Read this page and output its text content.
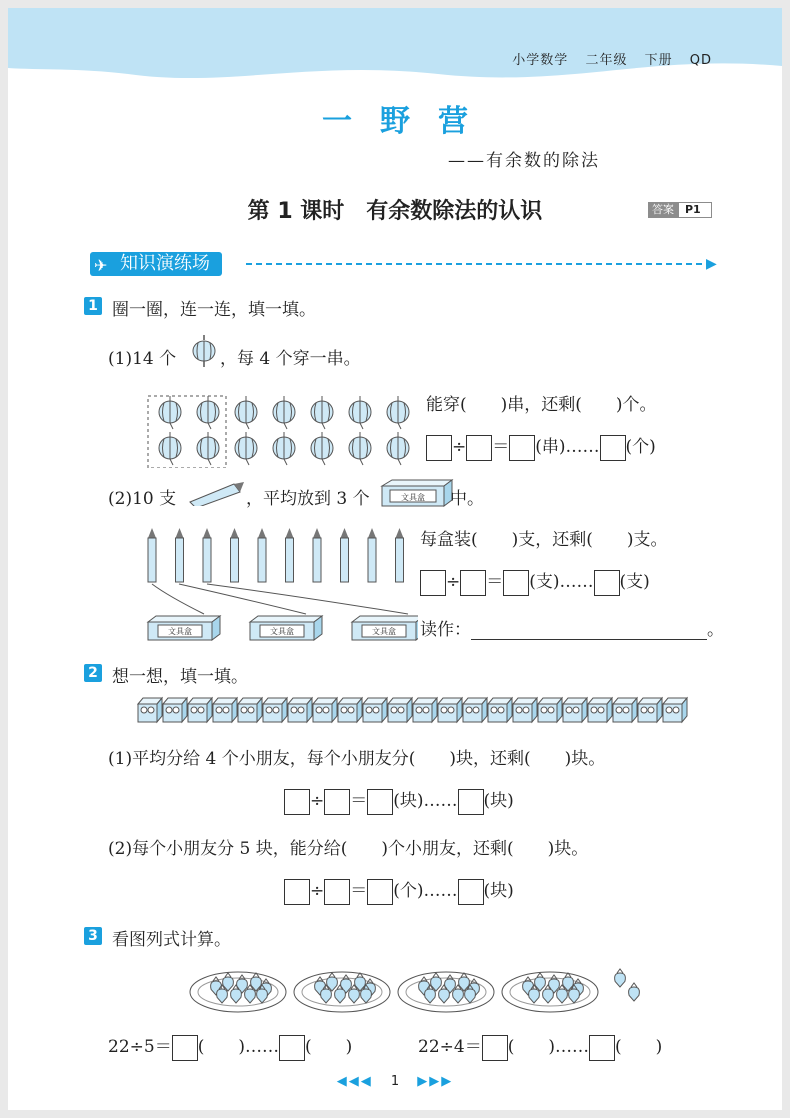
小学数学 二年级 下册 QD
一野营
——有余数的除法
第 1 课时　有余数除法的认识	答案	P1
✈ 知识演练场	▶
1 圈一圈，连一连，填一填。
(1)14 个	，每 4 个穿一串。
能穿(　　)串，还剩(　　)个。
÷ ＝ (串)…… (个)
(2)10 支	，平均放到 3 个	文具盒 中。
文具盒	文具盒	文具盒
每盒装(　　)支，还剩(　　)支。
÷ ＝ (支)…… (支)
读作：	。
2 想一想，填一填。
(1)平均分给 4 个小朋友，每个小朋友分(　　)块，还剩(　　)块。
÷ ＝ (块)…… (块)
(2)每个小朋友分 5 块，能分给(　　)个小朋友，还剩(　　)块。
÷ ＝ (个)…… (块)
3 看图列式计算。
22÷5＝ (　　)…… (　　)	22÷4＝ (　　)…… (　　)
◀◀◀ 1 ▶▶▶
